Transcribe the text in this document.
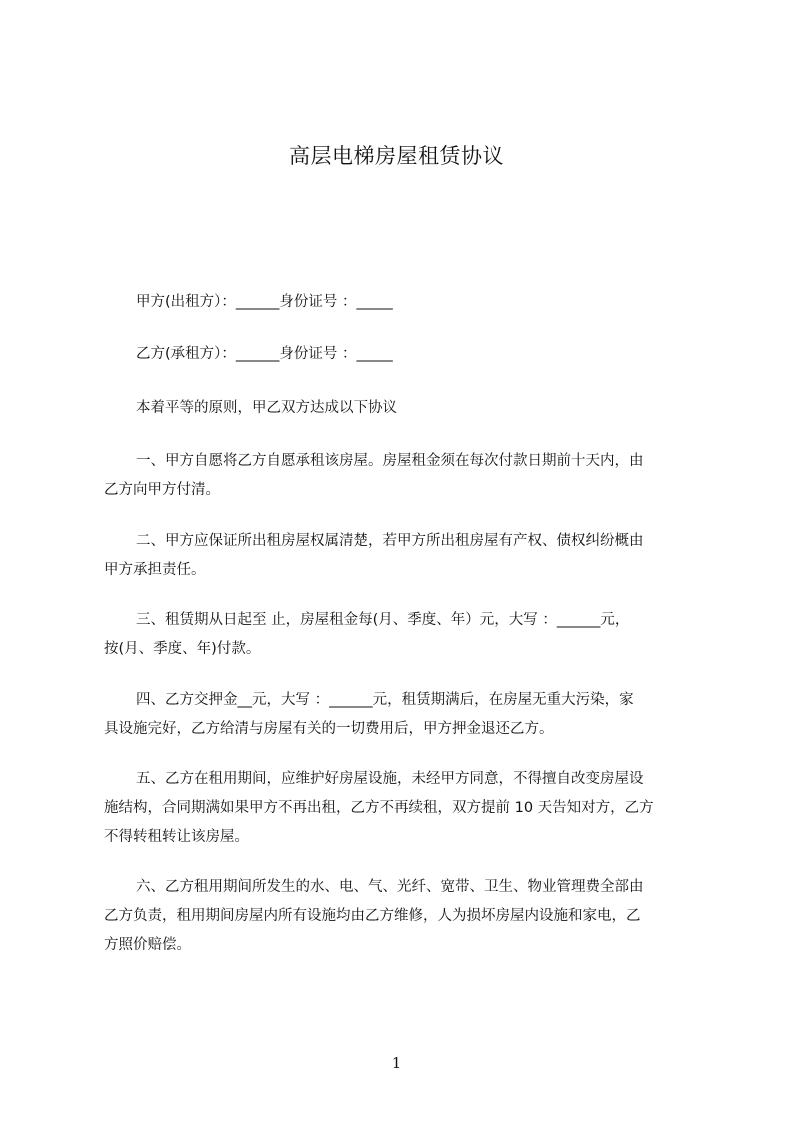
高层电梯房屋租赁协议
甲方(出租方）：______身份证号 ：_____
乙方(承租方）：______身份证号 ：_____
本着平等的原则，甲乙双方达成以下协议
一、甲方自愿将乙方自愿承租该房屋。房屋租金须在每次付款日期前十天内，由
乙方向甲方付清。
二、甲方应保证所出租房屋权属清楚，若甲方所出租房屋有产权、债权纠纷概由
甲方承担责任。
三、租赁期从日起至 止，房屋租金每(月、季度、年）元，大写 ：______元，
按(月、季度、年)付款。
四、乙方交押金__元，大写 ：______元，租赁期满后，在房屋无重大污染，家
具设施完好，乙方给清与房屋有关的一切费用后，甲方押金退还乙方。
五、乙方在租用期间，应维护好房屋设施，未经甲方同意，不得擅自改变房屋设
施结构，合同期满如果甲方不再出租，乙方不再续租，双方提前 10 天告知对方，乙方
不得转租转让该房屋。
六、乙方租用期间所发生的水、电、气、光纤、宽带、卫生、物业管理费全部由
乙方负责，租用期间房屋内所有设施均由乙方维修，人为损坏房屋内设施和家电，乙
方照价赔偿。
1
